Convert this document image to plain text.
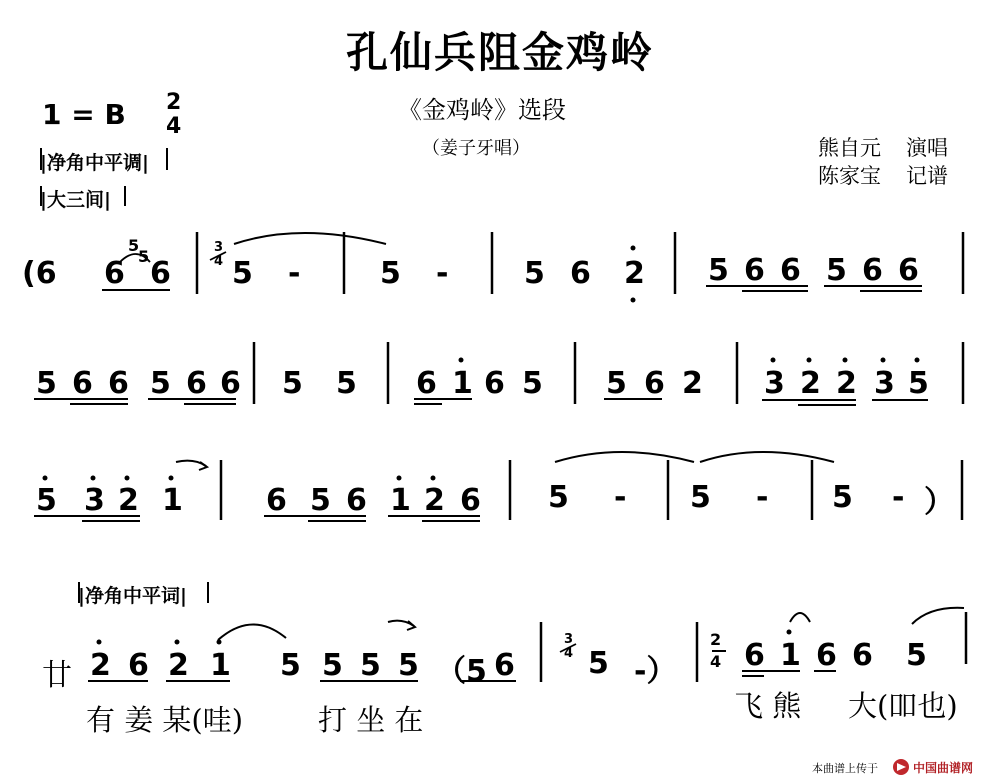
孔仙兵阻金鸡岭
《金鸡岭》选段
（姜子牙唱）
1 = B 2
4
|净角中平调|
|大三间|
|净角中平词|
熊自元 演唱
陈家宝 记谱
(6 6 6 5 -	5 -	5 6 2 5 6 6 5 6 6
5 6 6 5 6 6 5 5 6 1 6 5 5 6 2 3 2 2 3 5
5 3 2 1	6 5 6 1 2 6 5 - 5 - 5 - ）
廿 2 6 2 1 5 5 5 5 （5 6 5 -） 6 1 6 6 5
5
5	3
4
3
4
2
4
有 姜 某(哇)	打 坐 在	飞 熊 大(吅也)
本曲谱上传于	中国曲谱网
